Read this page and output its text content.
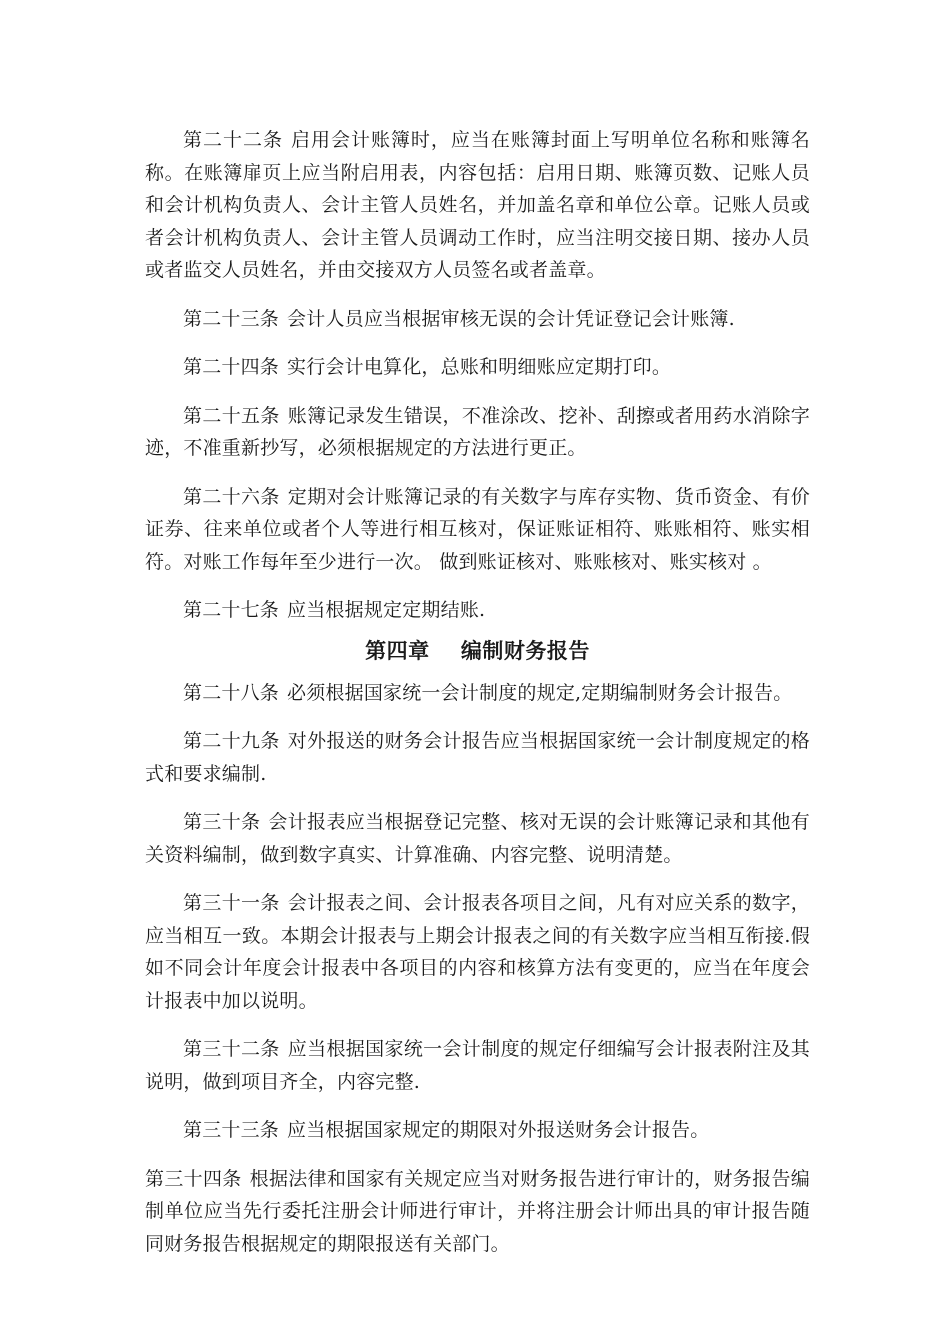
第二十二条 启用会计账簿时，应当在账簿封面上写明单位名称和账簿名称。在账簿扉页上应当附启用表，内容包括：启用日期、账簿页数、记账人员和会计机构负责人、会计主管人员姓名，并加盖名章和单位公章。记账人员或者会计机构负责人、会计主管人员调动工作时，应当注明交接日期、接办人员或者监交人员姓名，并由交接双方人员签名或者盖章。

第二十三条 会计人员应当根据审核无误的会计凭证登记会计账簿.

第二十四条 实行会计电算化，总账和明细账应定期打印。

第二十五条 账簿记录发生错误，不准涂改、挖补、刮擦或者用药水消除字迹，不准重新抄写，必须根据规定的方法进行更正。

第二十六条 定期对会计账簿记录的有关数字与库存实物、货币资金、有价证券、往来单位或者个人等进行相互核对，保证账证相符、账账相符、账实相符。对账工作每年至少进行一次。 做到账证核对、账账核对、账实核对 。

第二十七条 应当根据规定定期结账.

第四章    编制财务报告

第二十八条 必须根据国家统一会计制度的规定,定期编制财务会计报告。

第二十九条 对外报送的财务会计报告应当根据国家统一会计制度规定的格式和要求编制.

第三十条 会计报表应当根据登记完整、核对无误的会计账簿记录和其他有关资料编制，做到数字真实、计算准确、内容完整、说明清楚。

第三十一条 会计报表之间、会计报表各项目之间，凡有对应关系的数字，应当相互一致。本期会计报表与上期会计报表之间的有关数字应当相互衔接.假如不同会计年度会计报表中各项目的内容和核算方法有变更的，应当在年度会计报表中加以说明。

第三十二条 应当根据国家统一会计制度的规定仔细编写会计报表附注及其说明，做到项目齐全，内容完整.

第三十三条 应当根据国家规定的期限对外报送财务会计报告。

第三十四条 根据法律和国家有关规定应当对财务报告进行审计的，财务报告编制单位应当先行委托注册会计师进行审计，并将注册会计师出具的审计报告随同财务报告根据规定的期限报送有关部门。
